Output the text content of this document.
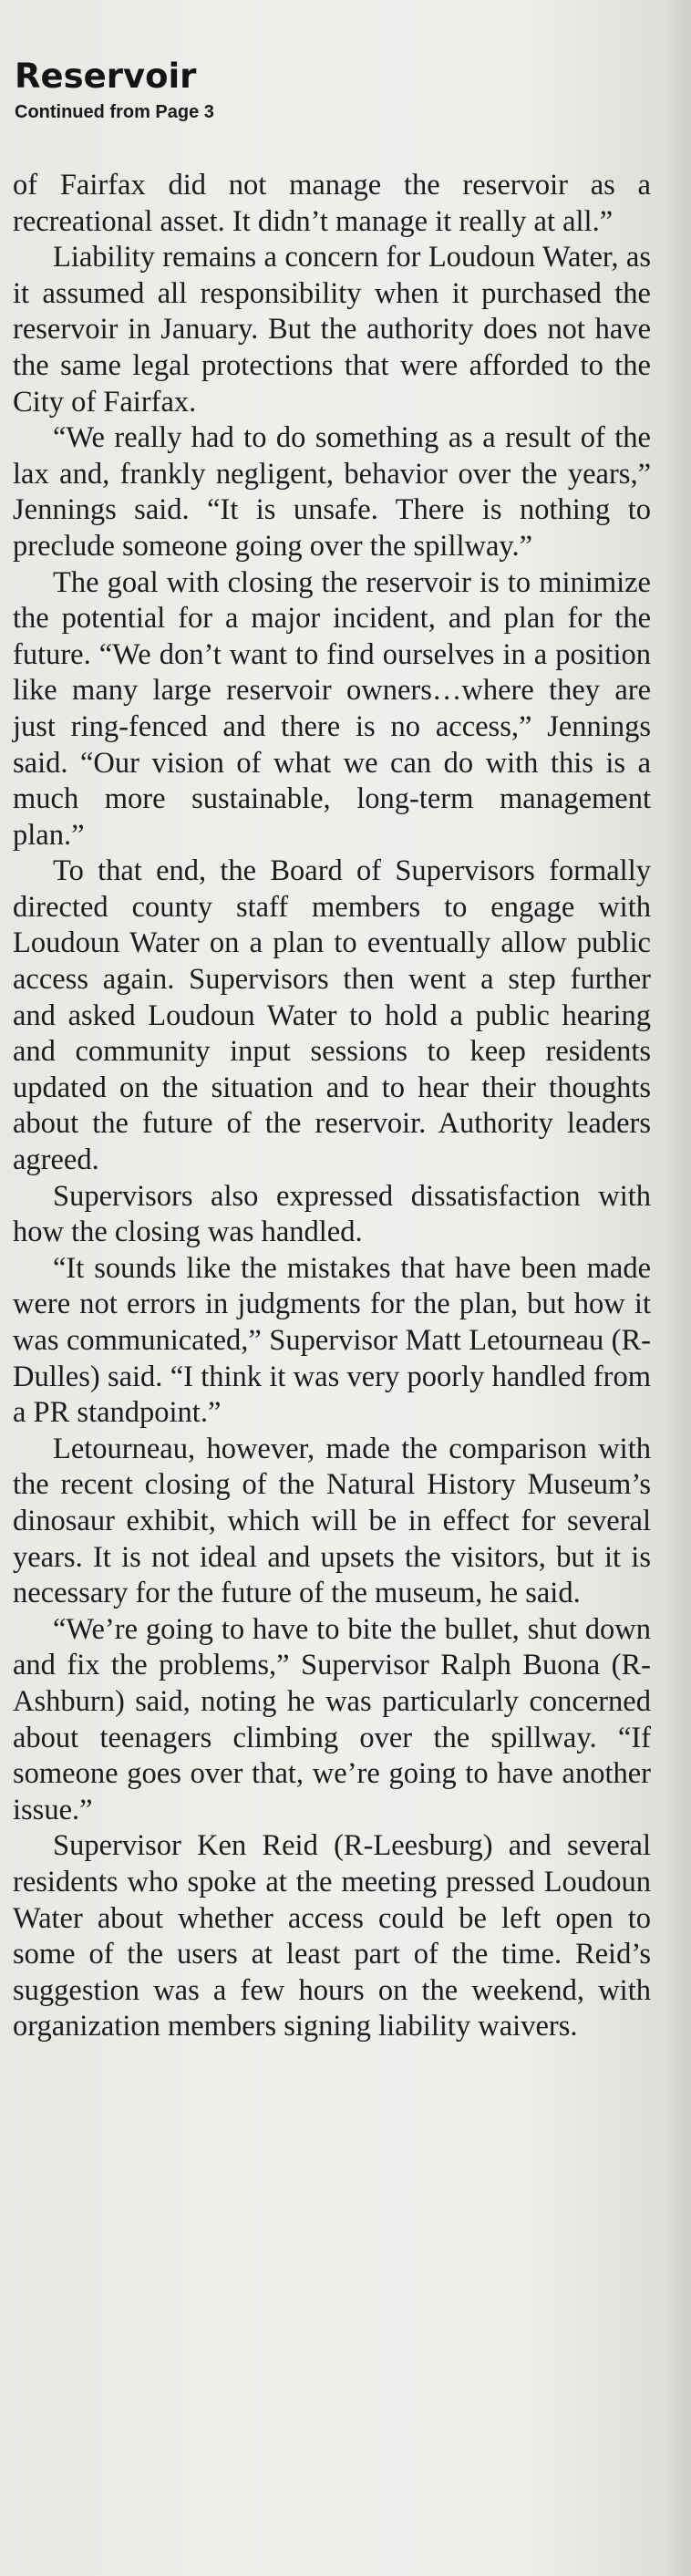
Reservoir

Continued from Page 3

of Fairfax did not manage the reservoir as a recreational asset. It didn’t manage it really at all.”

Liability remains a concern for Loudoun Water, as it assumed all responsibility when it purchased the reservoir in January. But the authority does not have the same legal protections that were afforded to the City of Fairfax.

“We really had to do something as a result of the lax and, frankly negligent, behavior over the years,” Jennings said. “It is unsafe. There is nothing to preclude someone going over the spillway.”

The goal with closing the reservoir is to minimize the potential for a major incident, and plan for the future. “We don’t want to find ourselves in a position like many large reservoir owners…where they are just ring-fenced and there is no access,” Jennings said. “Our vision of what we can do with this is a much more sustainable, long-term management plan.”

To that end, the Board of Supervisors formally directed county staff members to engage with Loudoun Water on a plan to eventually allow public access again. Supervisors then went a step further and asked Loudoun Water to hold a public hearing and community input sessions to keep residents updated on the situation and to hear their thoughts about the future of the reservoir. Authority leaders agreed.

Supervisors also expressed dissatisfaction with how the closing was handled.

“It sounds like the mistakes that have been made were not errors in judgments for the plan, but how it was communicated,” Supervisor Matt Letourneau (R-Dulles) said. “I think it was very poorly handled from a PR standpoint.”

Letourneau, however, made the comparison with the recent closing of the Natural History Museum’s dinosaur exhibit, which will be in effect for several years. It is not ideal and upsets the visitors, but it is necessary for the future of the museum, he said.

“We’re going to have to bite the bullet, shut down and fix the problems,” Supervisor Ralph Buona (R-Ashburn) said, noting he was particularly concerned about teenagers climbing over the spillway. “If someone goes over that, we’re going to have another issue.”

Supervisor Ken Reid (R-Leesburg) and several residents who spoke at the meeting pressed Loudoun Water about whether access could be left open to some of the users at least part of the time. Reid’s suggestion was a few hours on the weekend, with organization members signing liability waivers.
